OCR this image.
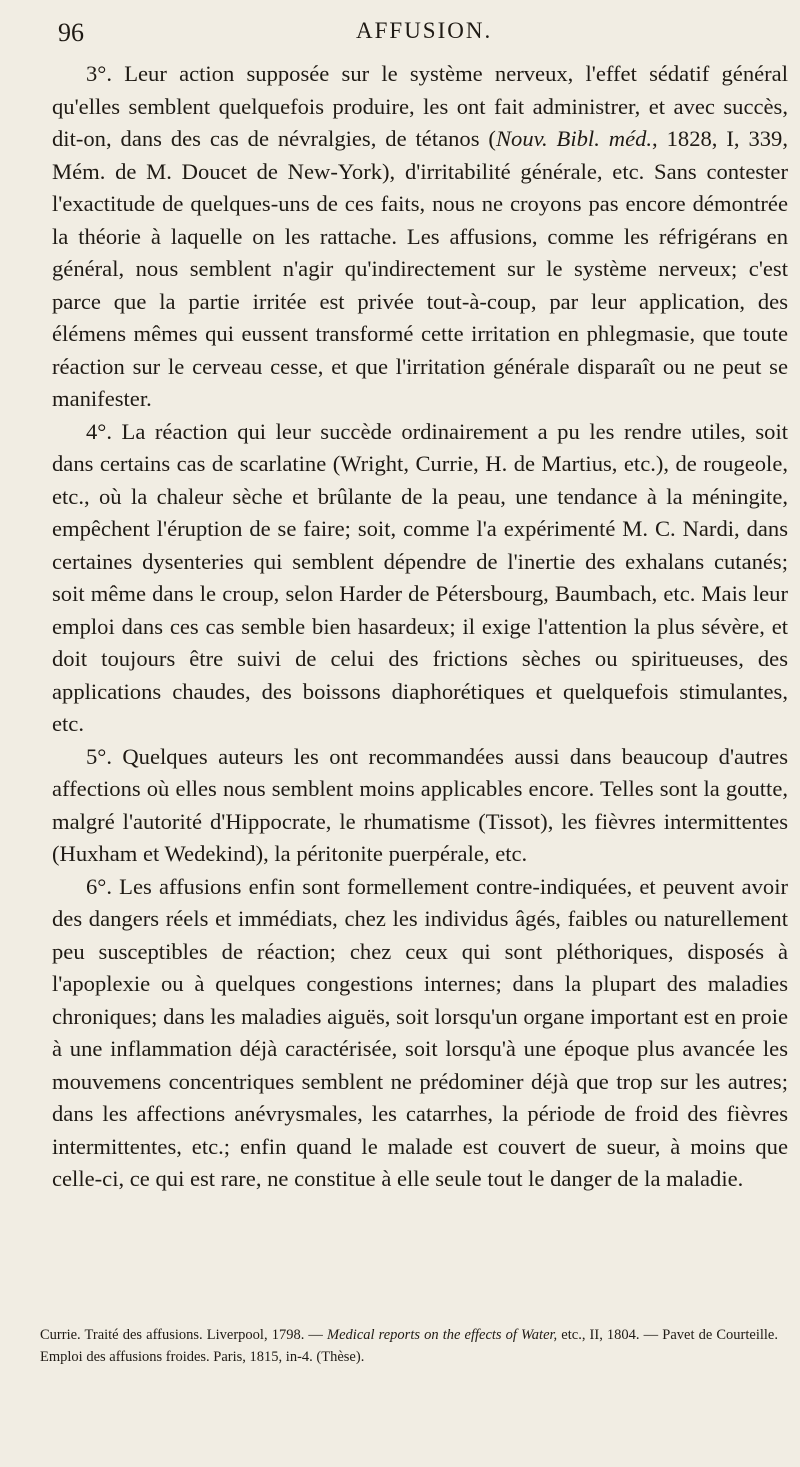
96	AFFUSION.

3°. Leur action supposée sur le système nerveux, l'effet sédatif général qu'elles semblent quelquefois produire, les ont fait administrer, et avec succès, dit-on, dans des cas de névralgies, de tétanos (Nouv. Bibl. méd., 1828, I, 339, Mém. de M. Doucet de New-York), d'irritabilité générale, etc. Sans contester l'exactitude de quelques-uns de ces faits, nous ne croyons pas encore démontrée la théorie à laquelle on les rattache. Les affusions, comme les réfrigérans en général, nous semblent n'agir qu'indirectement sur le système nerveux; c'est parce que la partie irritée est privée tout-à-coup, par leur application, des élémens mêmes qui eussent transformé cette irritation en phlegmasie, que toute réaction sur le cerveau cesse, et que l'irritation générale disparaît ou ne peut se manifester.

4°. La réaction qui leur succède ordinairement a pu les rendre utiles, soit dans certains cas de scarlatine (Wright, Currie, H. de Martius, etc.), de rougeole, etc., où la chaleur sèche et brûlante de la peau, une tendance à la méningite, empêchent l'éruption de se faire; soit, comme l'a expérimenté M. C. Nardi, dans certaines dysenteries qui semblent dépendre de l'inertie des exhalans cutanés; soit même dans le croup, selon Harder de Pétersbourg, Baumbach, etc. Mais leur emploi dans ces cas semble bien hasardeux; il exige l'attention la plus sévère, et doit toujours être suivi de celui des frictions sèches ou spiritueuses, des applications chaudes, des boissons diaphorétiques et quelquefois stimulantes, etc.

5°. Quelques auteurs les ont recommandées aussi dans beaucoup d'autres affections où elles nous semblent moins applicables encore. Telles sont la goutte, malgré l'autorité d'Hippocrate, le rhumatisme (Tissot), les fièvres intermittentes (Huxham et Wedekind), la péritonite puerpérale, etc.

6°. Les affusions enfin sont formellement contre-indiquées, et peuvent avoir des dangers réels et immédiats, chez les individus âgés, faibles ou naturellement peu susceptibles de réaction; chez ceux qui sont pléthoriques, disposés à l'apoplexie ou à quelques congestions internes; dans la plupart des maladies chroniques; dans les maladies aiguës, soit lorsqu'un organe important est en proie à une inflammation déjà caractérisée, soit lorsqu'à une époque plus avancée les mouvemens concentriques semblent ne prédominer déjà que trop sur les autres; dans les affections anévrysmales, les catarrhes, la période de froid des fièvres intermittentes, etc.; enfin quand le malade est couvert de sueur, à moins que celle-ci, ce qui est rare, ne constitue à elle seule tout le danger de la maladie.

Currie. Traité des affusions. Liverpool, 1798. — Medical reports on the effects of Water, etc., II, 1804. — Pavet de Courteille. Emploi des affusions froides. Paris, 1815, in-4. (Thèse).
